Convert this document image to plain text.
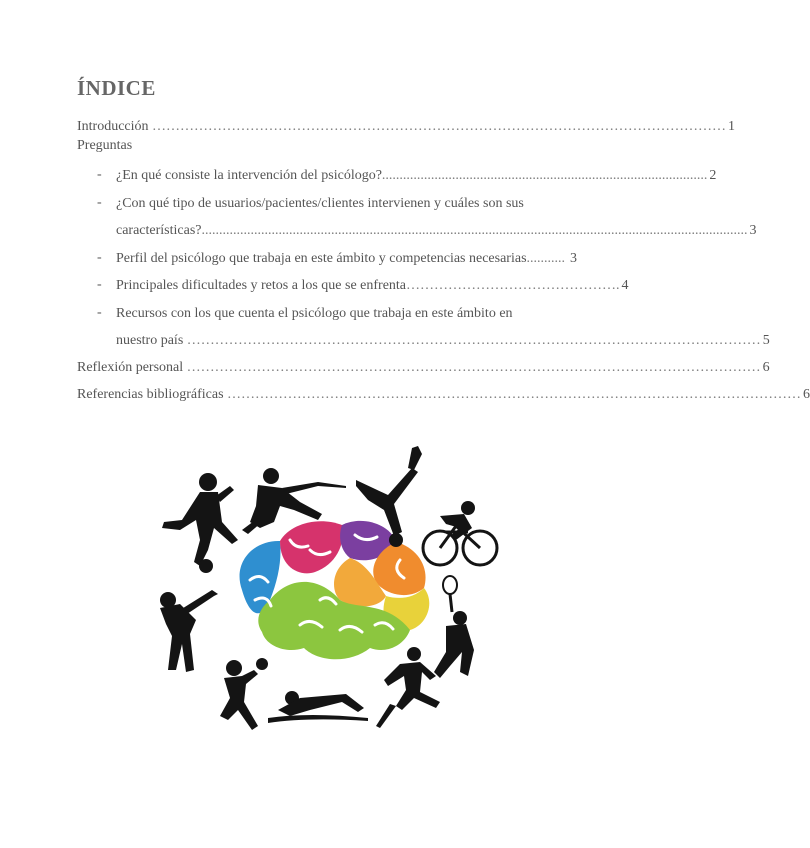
ÍNDICE
Introducción …………………………………………………………………………………………………………… 1
Preguntas
- ¿En qué consiste la intervención del psicólogo? ............................................................................................. 2
- ¿Con qué tipo de usuarios/pacientes/clientes intervienen y cuáles son sus
características? ............................................................................................................................................................ 3
- Perfil del psicólogo que trabaja en este ámbito y competencias necesarias ........... 3
- Principales dificultades y retos a los que se enfrenta ………………………………………. 4
- Recursos con los que cuenta el psicólogo que trabaja en este ámbito en
nuestro país …………………………………………………………………………………………………………… 5
Reflexión personal …………………………………………………………………………………………………………… 6
Referencias bibliográficas …………………………………………………………………………………………………………… 6
